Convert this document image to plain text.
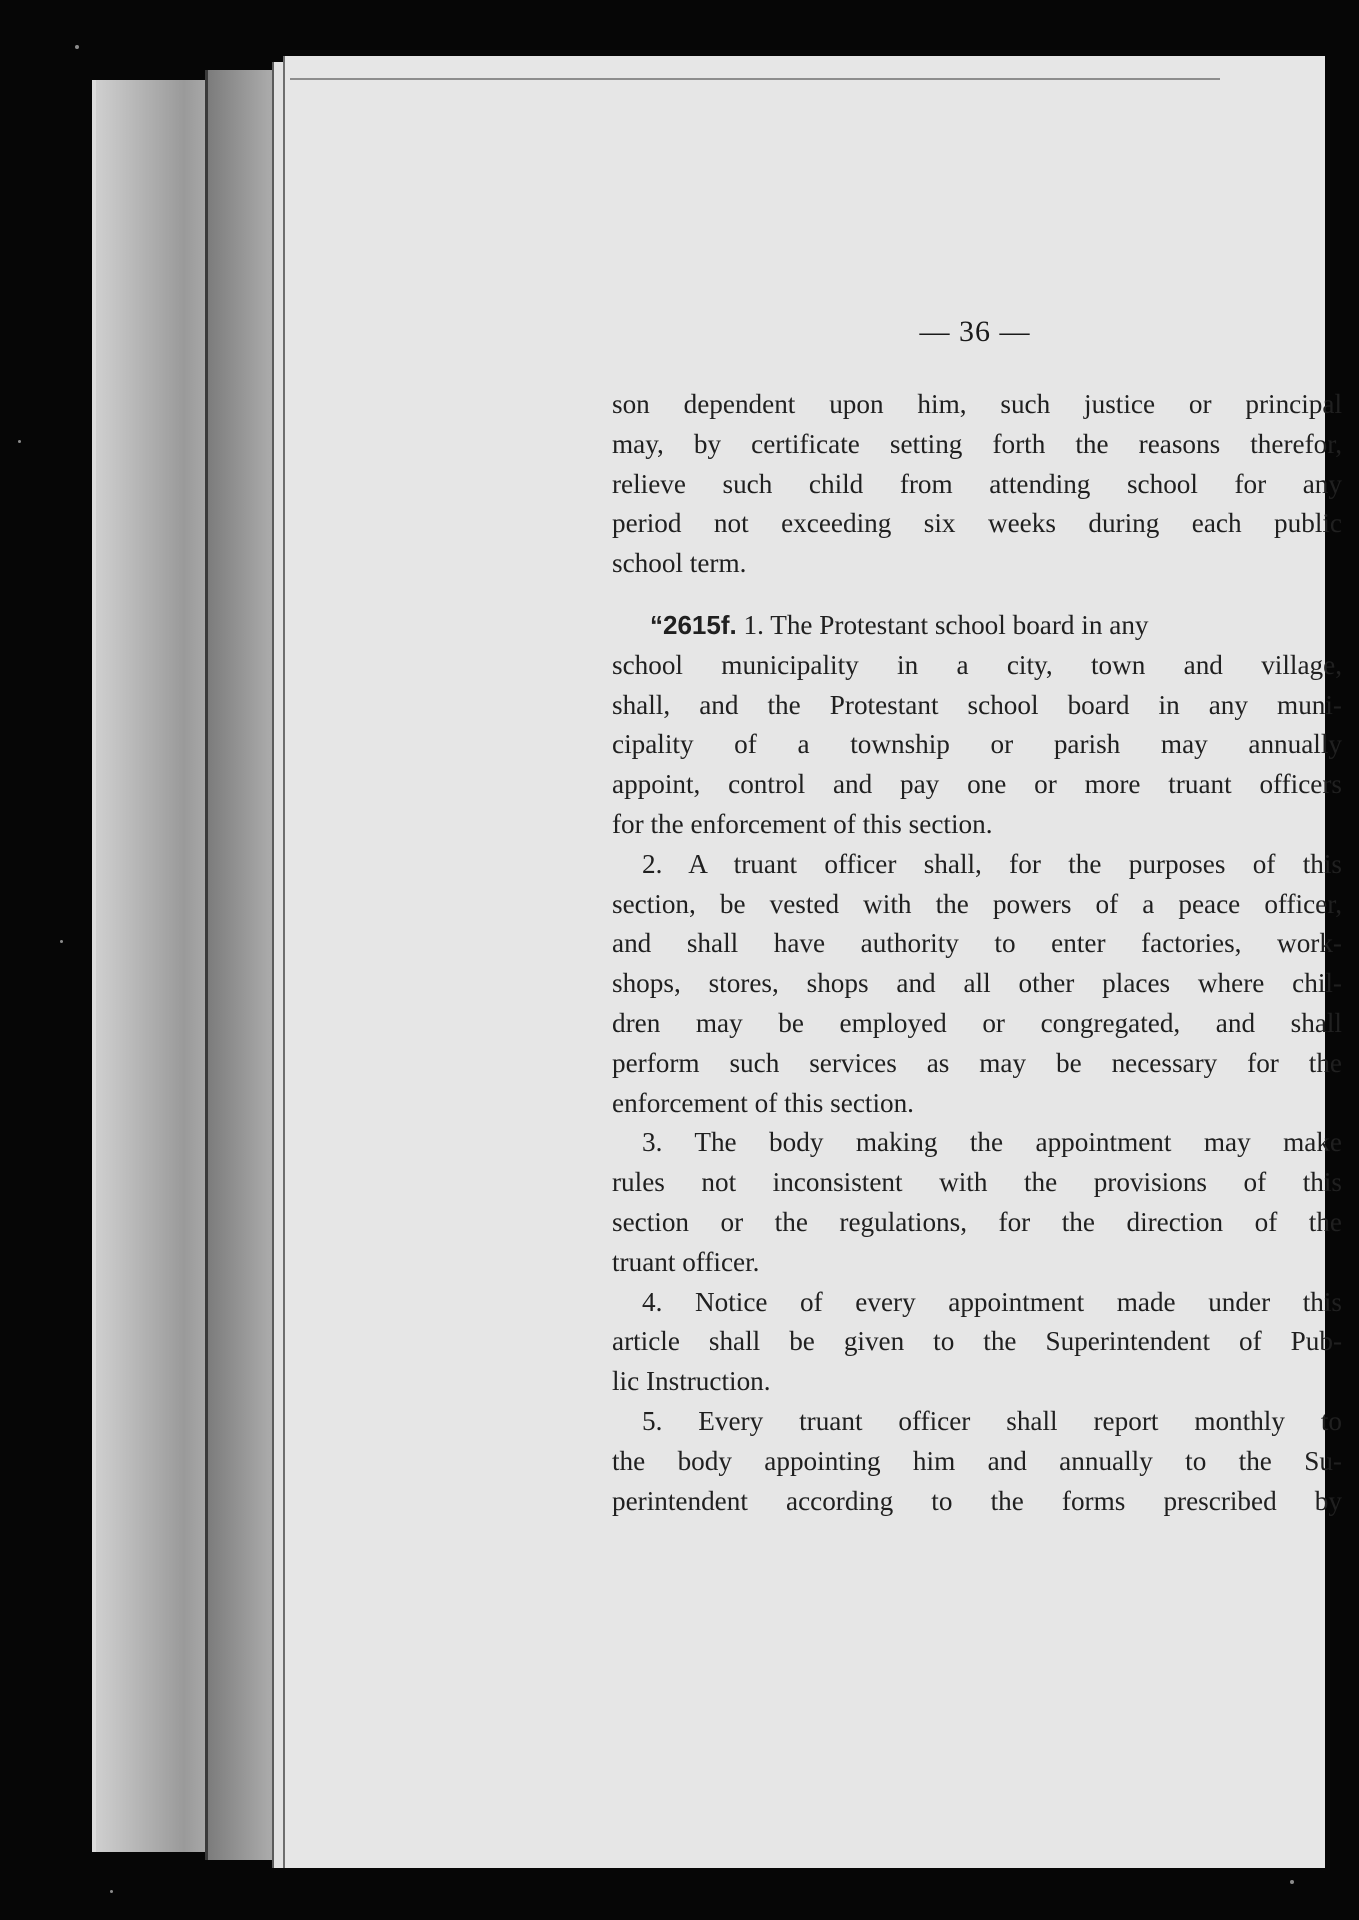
— 36 —
son dependent upon him, such justice or principal
may, by certificate setting forth the reasons therefor,
relieve such child from attending school for any
period not exceeding six weeks during each public
school term.
“2615f. 1. The Protestant school board in any
school municipality in a city, town and village,
shall, and the Protestant school board in any muni-
cipality of a township or parish may annually
appoint, control and pay one or more truant officers
for the enforcement of this section.
2. A truant officer shall, for the purposes of this
section, be vested with the powers of a peace officer,
and shall have authority to enter factories, work-
shops, stores, shops and all other places where chil-
dren may be employed or congregated, and shall
perform such services as may be necessary for the
enforcement of this section.
3. The body making the appointment may make
rules not inconsistent with the provisions of this
section or the regulations, for the direction of the
truant officer.
4. Notice of every appointment made under this
article shall be given to the Superintendent of Pub-
lic Instruction.
5. Every truant officer shall report monthly to
the body appointing him and annually to the Su-
perintendent according to the forms prescribed by
